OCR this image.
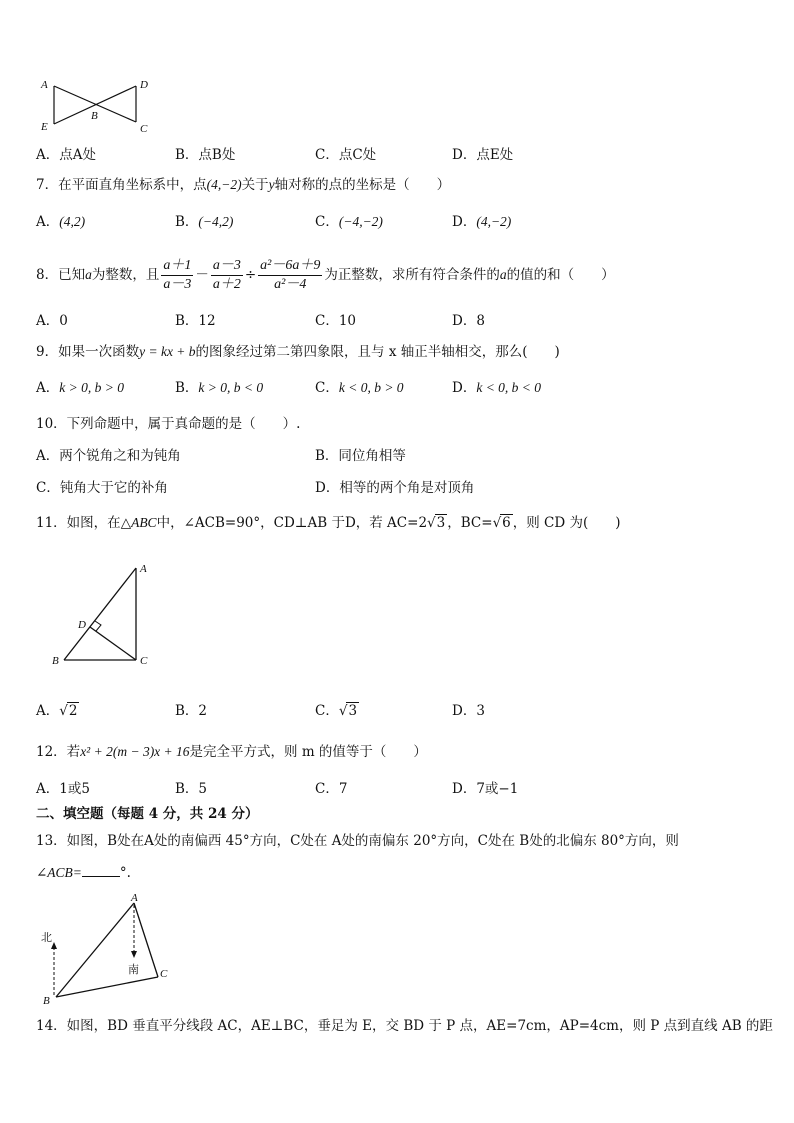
A	D
B
E	C
A．点A处	B．点B处	C．点C处	D．点E处
7．在平面直角坐标系中，点(4,−2)关于y轴对称的点的坐标是（　　）
A．(4,2)	B．(−4,2)	C．(−4,−2)	D．(4,−2)
8．已知a为整数，且 $\frac{a+1}{a-3} - \frac{a-3}{a+2} \div \frac{\text{a²－6a＋9}}{\text{a²－4}}$ 为正整数，求所有符合条件的a的值的和（　　）
A．0	B．12	C．10	D．8
9．如果一次函数y = kx + b的图象经过第二第四象限，且与 x 轴正半轴相交，那么(　　)
A．k > 0, b > 0	B．k > 0, b < 0	C．k < 0, b > 0	D．k < 0, b < 0
10．下列命题中，属于真命题的是（　　）.
A．两个锐角之和为钝角	B．同位角相等
C．钝角大于它的补角	D．相等的两个角是对顶角
11．如图，在△ABC中，∠ACB=90°，CD⊥AB 于D，若 AC=2√3 ，BC=√6 ，则 CD 为(　　)
A
D
B	C
A．√2	B．2	C．√3	D．3
12．若x² + 2(m − 3)x + 16是完全平方式，则 m 的值等于（　　）
A．1或5	B．5	C．7	D．7或−1
二、填空题（每题 4 分，共 24 分）
13．如图，B处在A处的南偏西 45°方向，C处在 A处的南偏东 20°方向，C处在 B处的北偏东 80°方向，则
∠ACB=	°.
A
北
南 C
B
14．如图，BD 垂直平分线段 AC，AE⊥BC，垂足为 E，交 BD 于 P 点，AE=7cm，AP=4cm，则 P 点到直线 AB 的距
